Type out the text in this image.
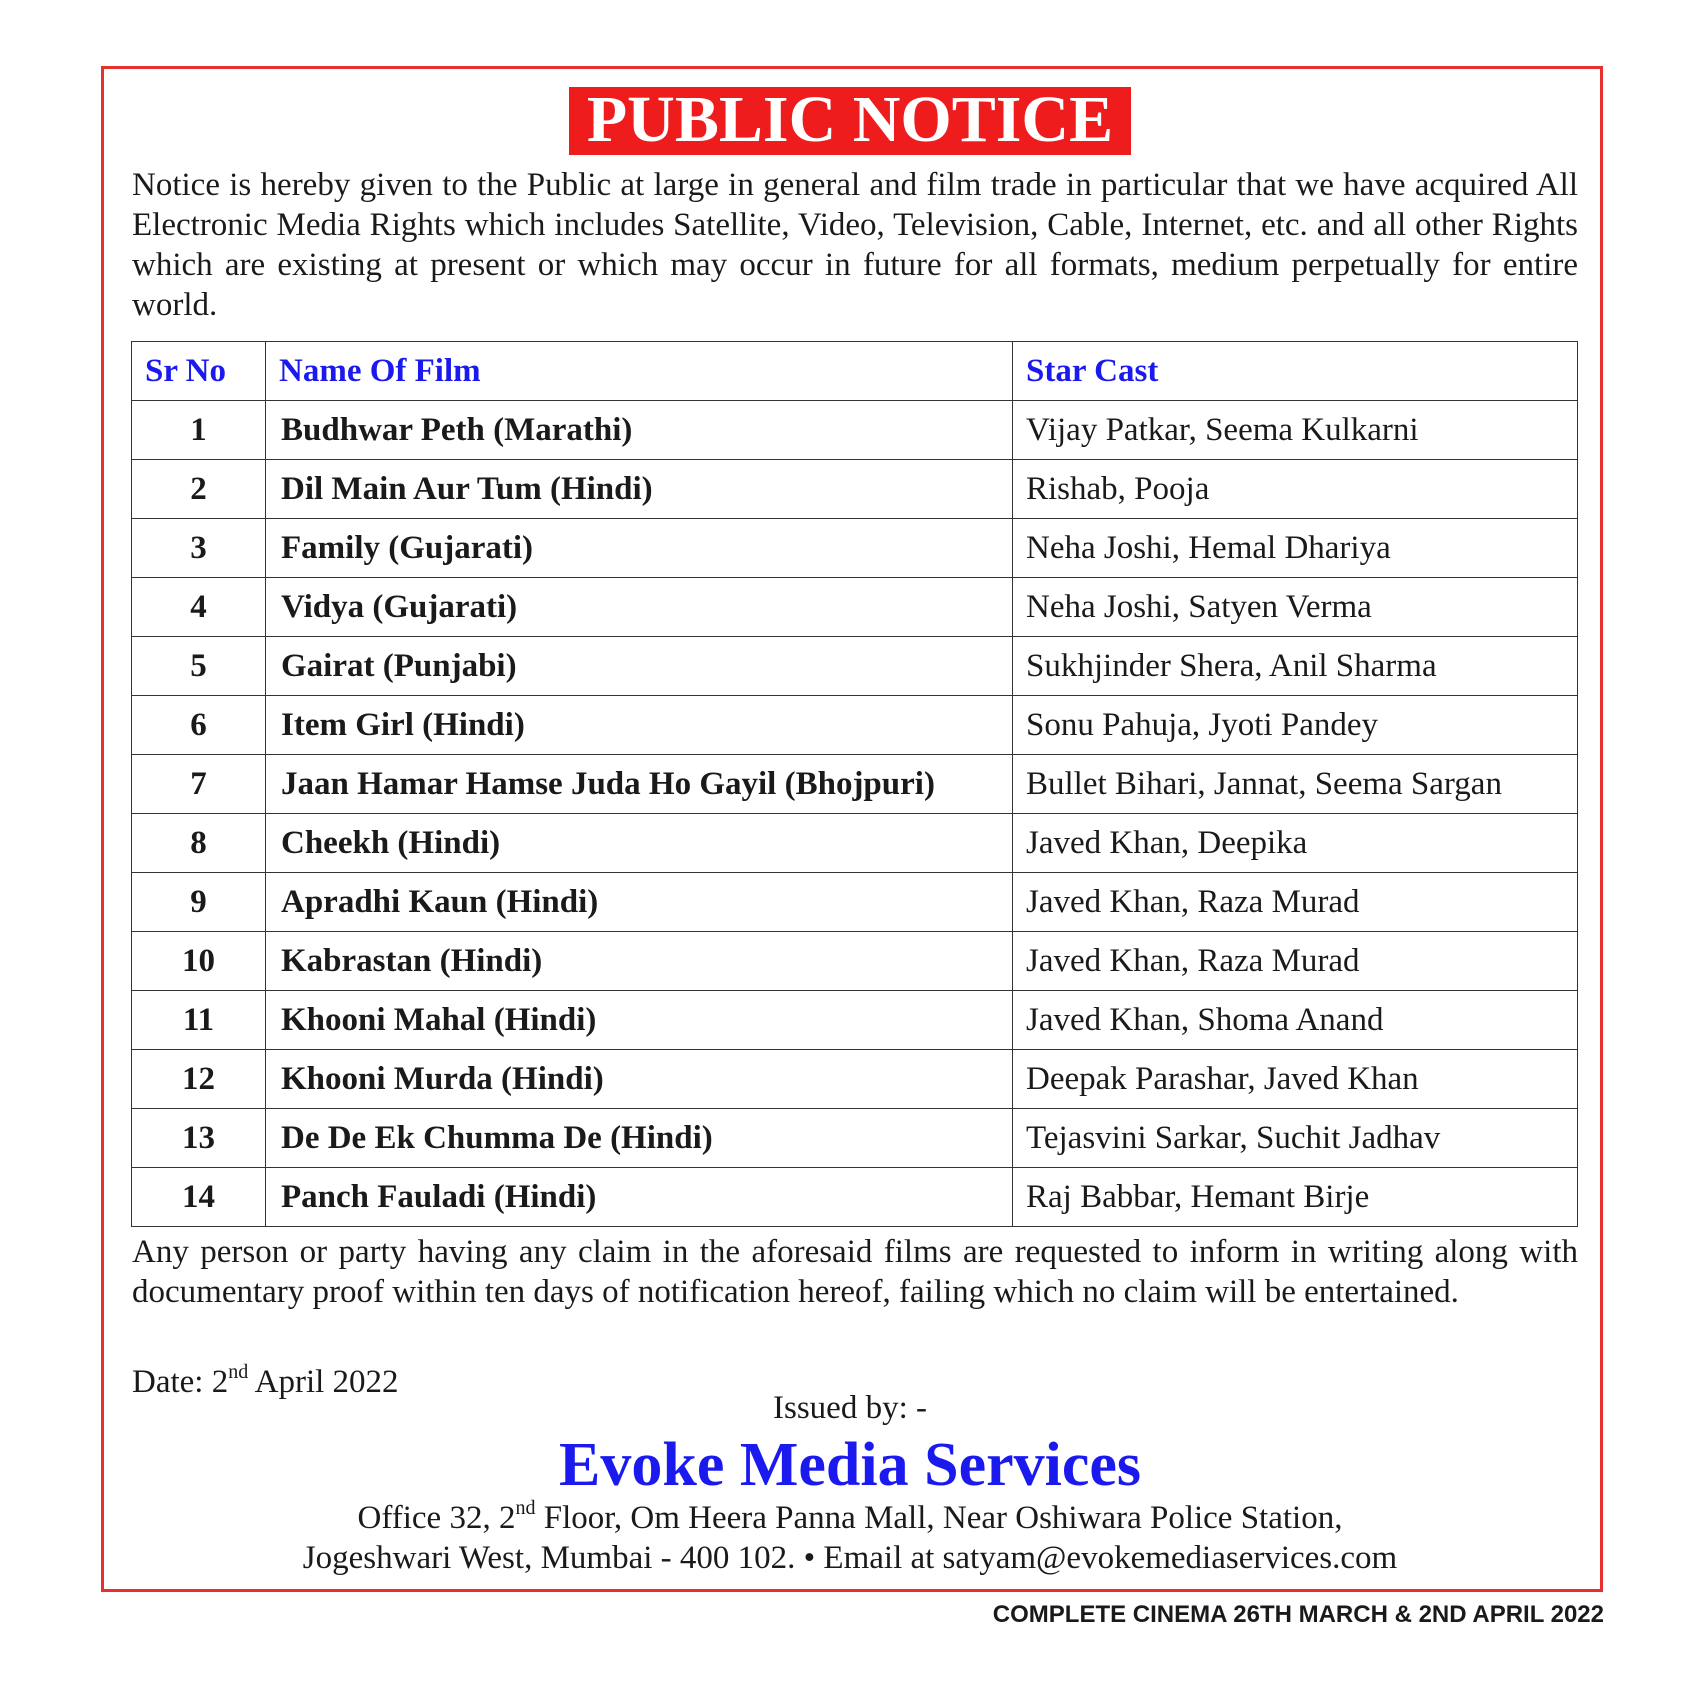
PUBLIC NOTICE
Notice is hereby given to the Public at large in general and film trade in particular that we have acquired All Electronic Media Rights which includes Satellite, Video, Television, Cable, Internet, etc. and all other Rights which are existing at present or which may occur in future for all formats, medium perpetually for entire world.
Sr No	Name Of Film	Star Cast
1	Budhwar Peth (Marathi)	Vijay Patkar, Seema Kulkarni
2	Dil Main Aur Tum (Hindi)	Rishab, Pooja
3	Family (Gujarati)	Neha Joshi, Hemal Dhariya
4	Vidya (Gujarati)	Neha Joshi, Satyen Verma
5	Gairat (Punjabi)	Sukhjinder Shera, Anil Sharma
6	Item Girl (Hindi)	Sonu Pahuja, Jyoti Pandey
7	Jaan Hamar Hamse Juda Ho Gayil (Bhojpuri)	Bullet Bihari, Jannat, Seema Sargan
8	Cheekh (Hindi)	Javed Khan, Deepika
9	Apradhi Kaun (Hindi)	Javed Khan, Raza Murad
10	Kabrastan (Hindi)	Javed Khan, Raza Murad
11	Khooni Mahal (Hindi)	Javed Khan, Shoma Anand
12	Khooni Murda (Hindi)	Deepak Parashar, Javed Khan
13	De De Ek Chumma De (Hindi)	Tejasvini Sarkar, Suchit Jadhav
14	Panch Fauladi (Hindi)	Raj Babbar, Hemant Birje
Any person or party having any claim in the aforesaid films are requested to inform in writing along with documentary proof within ten days of notification hereof, failing which no claim will be entertained.
Date: 2nd April 2022
Issued by: -
Evoke Media Services
Office 32, 2nd Floor, Om Heera Panna Mall, Near Oshiwara Police Station,
Jogeshwari West, Mumbai - 400 102. • Email at satyam@evokemediaservices.com
COMPLETE CINEMA 26TH MARCH & 2ND APRIL 2022
